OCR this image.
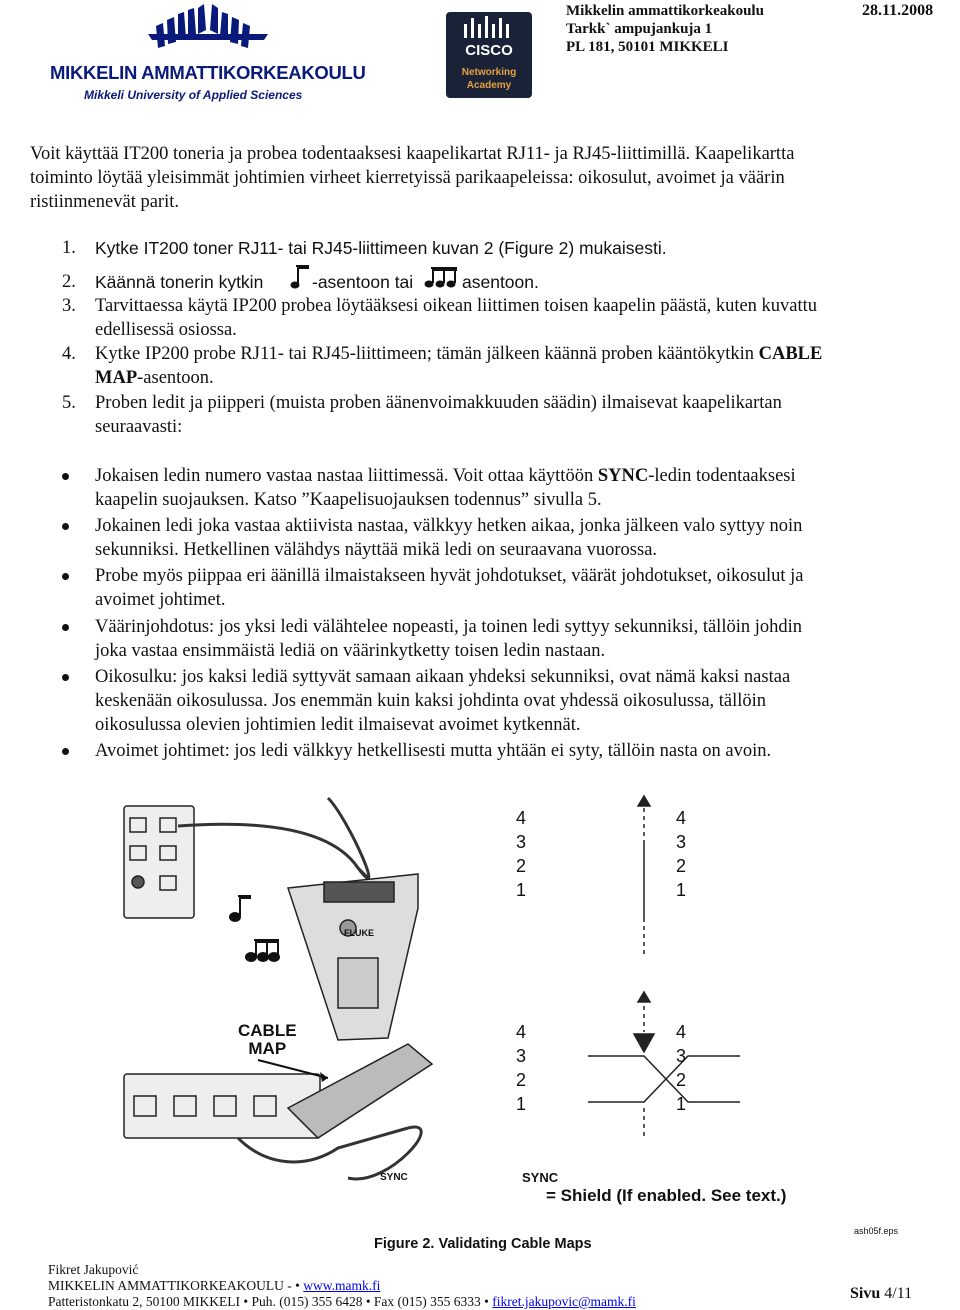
MIKKELIN AMMATTIKORKEAKOULU
Mikkeli University of Applied Sciences
CISCO
Networking
Academy
Mikkelin ammattikorkeakoulu
Tarkk` ampujankuja 1
PL 181, 50101 MIKKELI
28.11.2008
Voit käyttää IT200 toneria ja probea todentaaksesi kaapelikartat RJ11- ja RJ45-liittimillä. Kaapelikartta
toiminto löytää yleisimmät johtimien virheet kierretyissä parikaapeleissa: oikosulut, avoimet ja väärin
ristiinmenevät parit.
1. Kytke IT200 toner RJ11- tai RJ45-liittimeen kuvan 2 (Figure 2) mukaisesti.
2. Käännä tonerin kytkin	-asentoon tai	asentoon.
3. Tarvittaessa käytä IP200 probea löytääksesi oikean liittimen toisen kaapelin päästä, kuten kuvattu
edellisessä osiossa.
4. Kytke IP200 probe RJ11- tai RJ45-liittimeen; tämän jälkeen käännä proben kääntökytkin CABLE
MAP-asentoon.
5. Proben ledit ja piipperi (muista proben äänenvoimakkuuden säädin) ilmaisevat kaapelikartan
seuraavasti:
Jokaisen ledin numero vastaa nastaa liittimessä. Voit ottaa käyttöön SYNC-ledin todentaaksesi
kaapelin suojauksen. Katso ”Kaapelisuojauksen todennus” sivulla 5.
Jokainen ledi joka vastaa aktiivista nastaa, välkkyy hetken aikaa, jonka jälkeen valo syttyy noin
sekunniksi. Hetkellinen välähdys näyttää mikä ledi on seuraavana vuorossa.
Probe myös piippaa eri äänillä ilmaistakseen hyvät johdotukset, väärät johdotukset, oikosulut ja
avoimet johtimet.
Väärinjohdotus: jos yksi ledi välähtelee nopeasti, ja toinen ledi syttyy sekunniksi, tällöin johdin
joka vastaa ensimmäistä lediä on väärinkytketty toisen ledin nastaan.
Oikosulku: jos kaksi lediä syttyvät samaan aikaan yhdeksi sekunniksi, ovat nämä kaksi nastaa
keskenään oikosulussa. Jos enemmän kuin kaksi johdinta ovat yhdessä oikosulussa, tällöin
oikosulussa olevien johtimien ledit ilmaisevat avoimet kytkennät.
Avoimet johtimet: jos ledi välkkyy hetkellisesti mutta yhtään ei syty, tällöin nasta on avoin.
4
3
2
1
4
3
2
1
4
3
2
1
4
3
2
1
CABLE
MAP
SYNC
FLUKE
SYNC
= Shield (If enabled. See text.)
ash05f.eps
Figure 2. Validating Cable Maps
Fikret Jakupović
MIKKELIN AMMATTIKORKEAKOULU - • www.mamk.fi
Patteristonkatu 2, 50100 MIKKELI • Puh. (015) 355 6428 • Fax (015) 355 6333 • fikret.jakupovic@mamk.fi	Sivu 4/11
